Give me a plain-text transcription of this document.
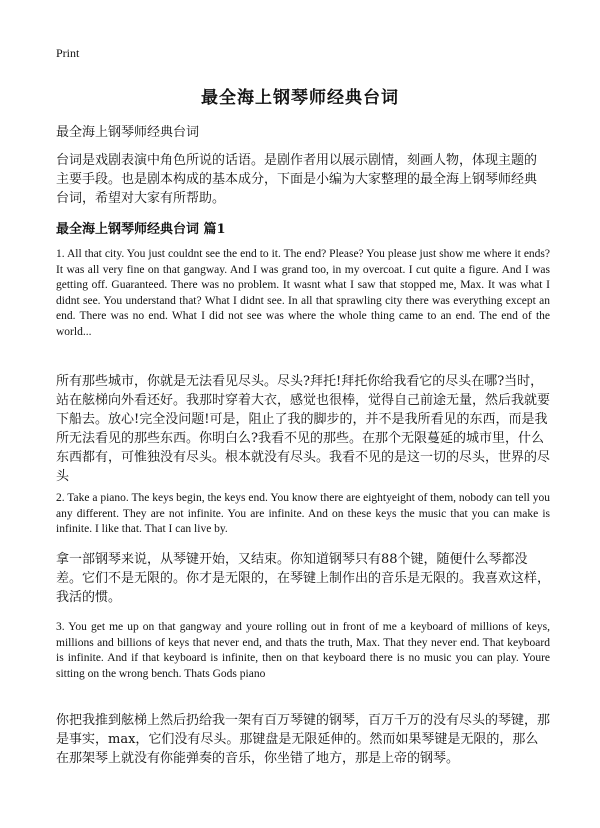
Print
最全海上钢琴师经典台词
最全海上钢琴师经典台词
台词是戏剧表演中角色所说的话语。是剧作者用以展示剧情，刻画人物，体现主题的主要手段。也是剧本构成的基本成分，下面是小编为大家整理的最全海上钢琴师经典台词，希望对大家有所帮助。
最全海上钢琴师经典台词 篇1
1. All that city. You just couldnt see the end to it. The end? Please? You please just show me where it ends? It was all very fine on that gangway. And I was grand too, in my overcoat. I cut quite a figure. And I was getting off. Guaranteed. There was no problem. It wasnt what I saw that stopped me, Max. It was what I didnt see. You understand that? What I didnt see. In all that sprawling city there was everything except an end. There was no end. What I did not see was where the whole thing came to an end. The end of the world...
所有那些城市，你就是无法看见尽头。尽头?拜托!拜托你给我看它的尽头在哪?当时，站在舷梯向外看还好。我那时穿着大衣，感觉也很棒，觉得自己前途无量，然后我就要下船去。放心!完全没问题!可是，阻止了我的脚步的，并不是我所看见的东西，而是我所无法看见的那些东西。你明白么?我看不见的那些。在那个无限蔓延的城市里，什么东西都有，可惟独没有尽头。根本就没有尽头。我看不见的是这一切的尽头，世界的尽头
2. Take a piano. The keys begin, the keys end. You know there are eightyeight of them, nobody can tell you any different. They are not infinite. You are infinite. And on these keys the music that you can make is infinite. I like that. That I can live by.
拿一部钢琴来说，从琴键开始，又结束。你知道钢琴只有88个键，随便什么琴都没差。它们不是无限的。你才是无限的，在琴键上制作出的音乐是无限的。我喜欢这样，我活的惯。
3. You get me up on that gangway and youre rolling out in front of me a keyboard of millions of keys, millions and billions of keys that never end, and thats the truth, Max. That they never end. That keyboard is infinite. And if that keyboard is infinite, then on that keyboard there is no music you can play. Youre sitting on the wrong bench. Thats Gods piano
你把我推到舷梯上然后扔给我一架有百万琴键的钢琴，百万千万的没有尽头的琴键，那是事实，max，它们没有尽头。那键盘是无限延伸的。然而如果琴键是无限的，那么在那架琴上就没有你能弹奏的音乐，你坐错了地方，那是上帝的钢琴。
